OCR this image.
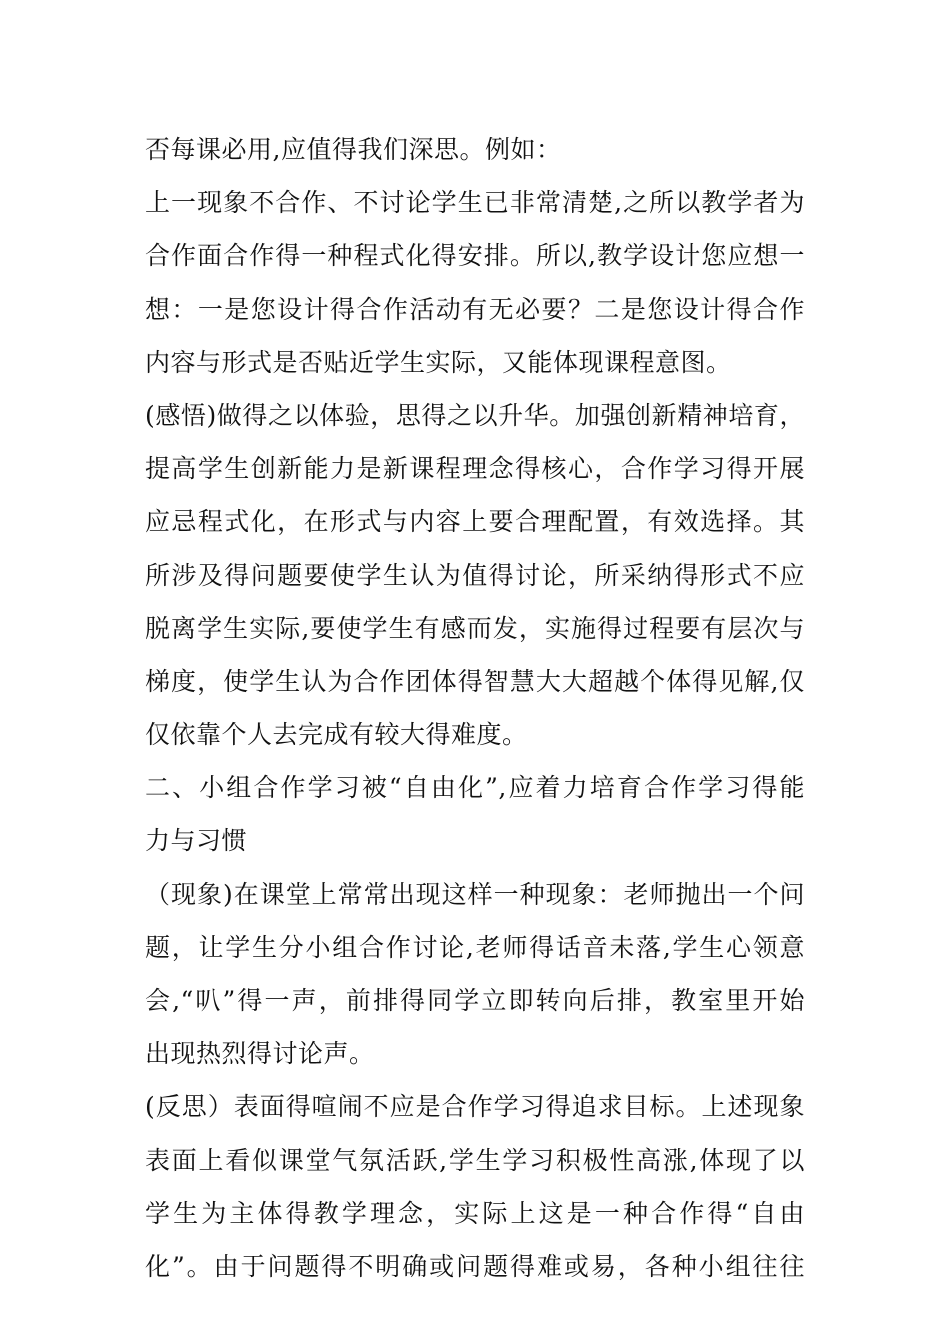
否每课必用,应值得我们深思。例如：
上一现象不合作、不讨论学生已非常清楚,之所以教学者为
合作面合作得一种程式化得安排。所以,教学设计您应想一
想：一是您设计得合作活动有无必要？二是您设计得合作
内容与形式是否贴近学生实际，又能体现课程意图。
(感悟)做得之以体验，思得之以升华。加强创新精神培育，
提高学生创新能力是新课程理念得核心，合作学习得开展
应忌程式化，在形式与内容上要合理配置，有效选择。其
所涉及得问题要使学生认为值得讨论，所采纳得形式不应
脱离学生实际,要使学生有感而发，实施得过程要有层次与
梯度，使学生认为合作团体得智慧大大超越个体得见解,仅
仅依靠个人去完成有较大得难度。
二、小组合作学习被“自由化”,应着力培育合作学习得能
力与习惯
（现象)在课堂上常常出现这样一种现象：老师抛出一个问
题，让学生分小组合作讨论,老师得话音未落,学生心领意
会,“叭”得一声，前排得同学立即转向后排，教室里开始
出现热烈得讨论声。
(反思）表面得喧闹不应是合作学习得追求目标。上述现象
表面上看似课堂气氛活跃,学生学习积极性高涨,体现了以
学生为主体得教学理念，实际上这是一种合作得“自由
化”。由于问题得不明确或问题得难或易，各种小组往往
